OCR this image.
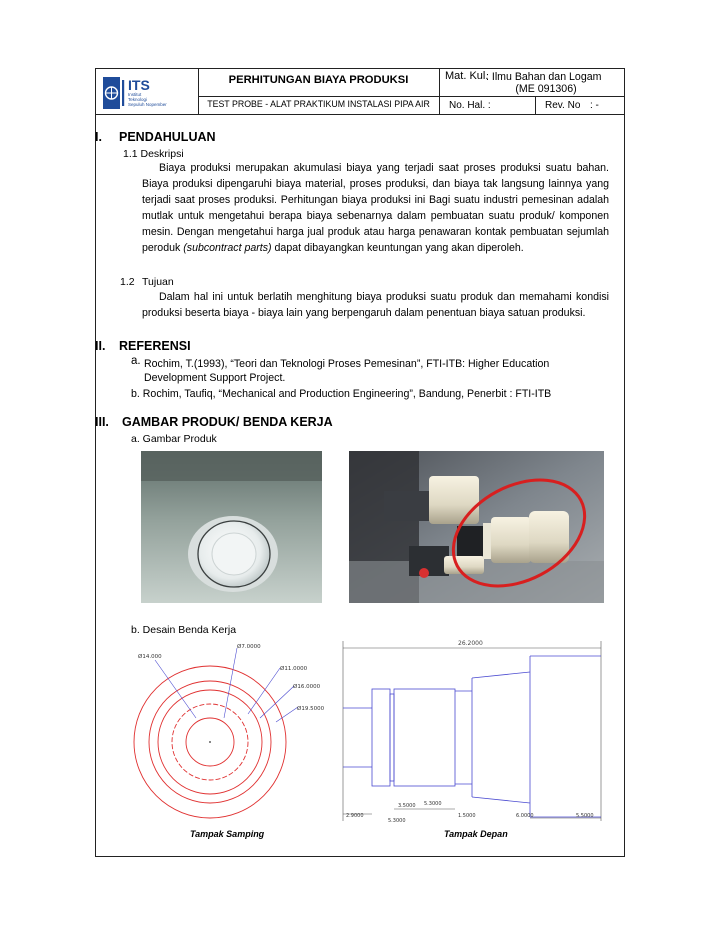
ITS
Institut
Teknologi
Sepuluh Nopember
PERHITUNGAN BIAYA PRODUKSI
TEST PROBE - ALAT PRAKTIKUM INSTALASI PIPA AIR
Mat. Kul.
: Ilmu Bahan dan Logam
(ME 091306)
No. Hal. :	Rev. No : -
I. PENDAHULUAN
1.1 Deskripsi
Biaya produksi merupakan akumulasi biaya yang terjadi saat proses produksi suatu bahan. Biaya produksi dipengaruhi biaya material, proses produksi, dan biaya tak langsung lainnya yang terjadi saat proses produksi. Perhitungan biaya produksi ini Bagi suatu industri pemesinan adalah mutlak untuk mengetahui berapa biaya sebenarnya dalam pembuatan suatu produk/ komponen mesin. Dengan mengetahui harga jual produk atau harga penawaran kontak pembuatan sejumlah peroduk (subcontract parts) dapat dibayangkan keuntungan yang akan diperoleh.
1.2 Tujuan
Dalam hal ini untuk berlatih menghitung biaya produksi suatu produk dan memahami kondisi produksi beserta biaya - biaya lain yang berpengaruh dalam penentuan biaya satuan produksi.
II. REFERENSI
a. Rochim, T.(1993), “Teori dan Teknologi Proses Pemesinan”, FTI-ITB: Higher Education
Development Support Project.
b. Rochim, Taufiq, “Mechanical and Production Engineering”, Bandung, Penerbit : FTI-ITB
III. GAMBAR PRODUK/ BENDA KERJA
a. Gambar Produk
b. Desain Benda Kerja
Ø14.000
Ø7.0000
Ø11.0000
Ø16.0000
Ø19.5000
26.2000
2.9000
5.3000
3.5000 5.3000
1.5000	6.0000	5.5000
Tampak Samping	Tampak Depan
